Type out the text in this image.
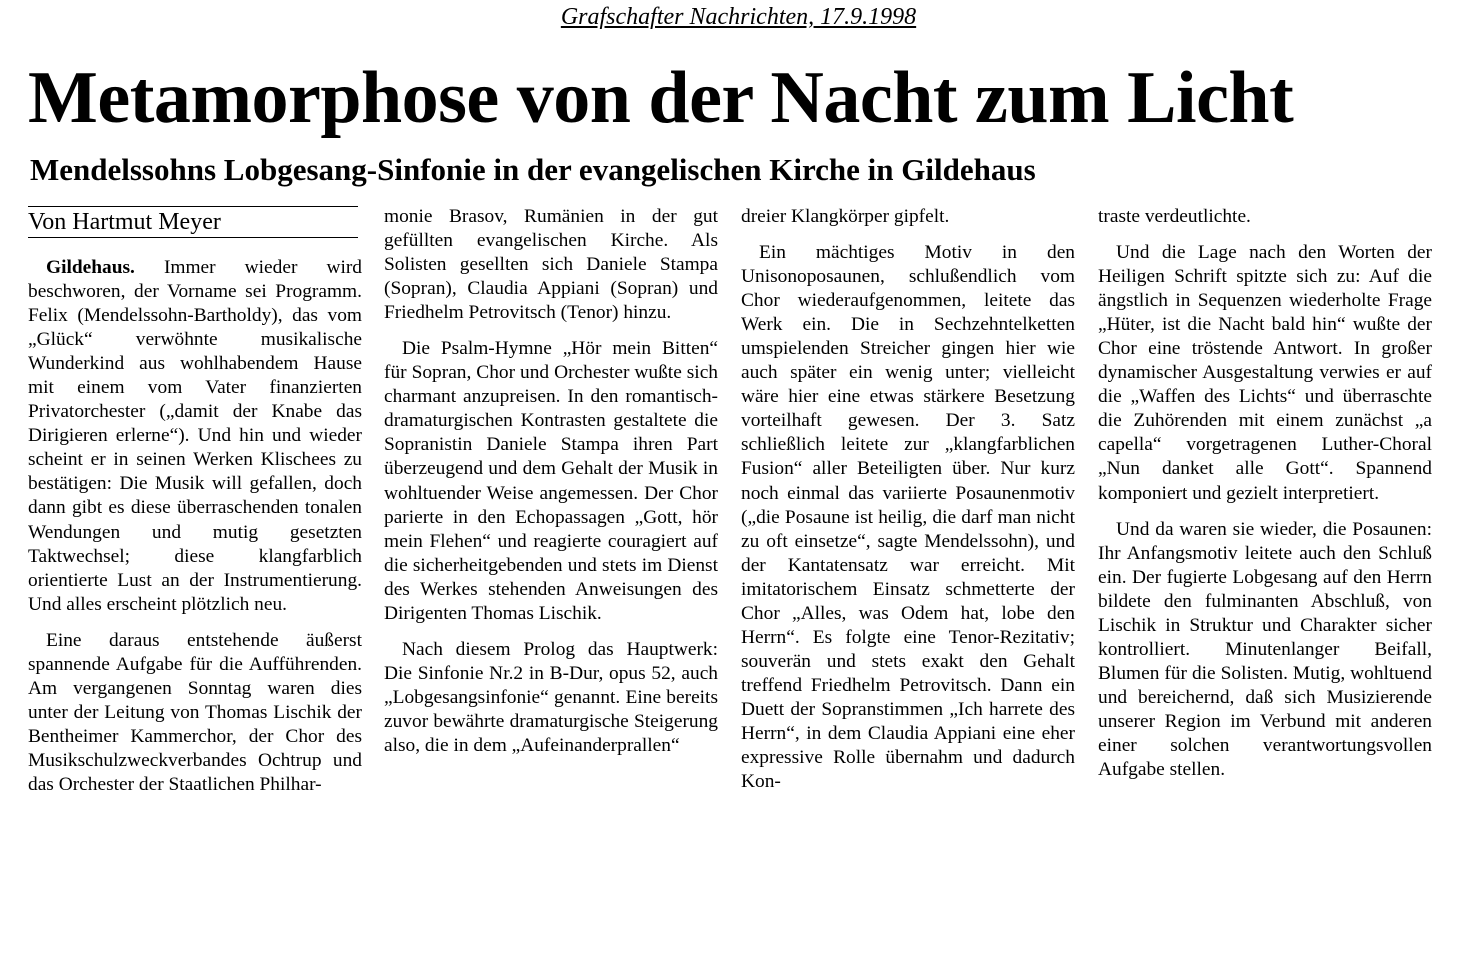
Grafschafter Nachrichten, 17.9.1998
Metamorphose von der Nacht zum Licht
Mendelssohns Lobgesang-Sinfonie in der evangelischen Kirche in Gildehaus
Von Hartmut Meyer

Gildehaus. Immer wieder wird beschworen, der Vorname sei Programm. Felix (Mendelssohn-Bartholdy), das vom „Glück“ verwöhnte musikalische Wunderkind aus wohlhabendem Hause mit einem vom Vater finanzierten Privatorchester („damit der Knabe das Dirigieren erlerne“). Und hin und wieder scheint er in seinen Werken Klischees zu bestätigen: Die Musik will gefallen, doch dann gibt es diese überraschenden tonalen Wendungen und mutig gesetzten Taktwechsel; diese klangfarblich orientierte Lust an der Instrumentierung. Und alles erscheint plötzlich neu.

Eine daraus entstehende äußerst spannende Aufgabe für die Aufführenden. Am vergangenen Sonntag waren dies unter der Leitung von Thomas Lischik der Bentheimer Kammerchor, der Chor des Musikschulzweckverbandes Ochtrup und das Orchester der Staatlichen Philhar-

monie Brasov, Rumänien in der gut gefüllten evangelischen Kirche. Als Solisten gesellten sich Daniele Stampa (Sopran), Claudia Appiani (Sopran) und Friedhelm Petrovitsch (Tenor) hinzu.

Die Psalm-Hymne „Hör mein Bitten“ für Sopran, Chor und Orchester wußte sich charmant anzupreisen. In den romantisch-dramaturgischen Kontrasten gestaltete die Sopranistin Daniele Stampa ihren Part überzeugend und dem Gehalt der Musik in wohltuender Weise angemessen. Der Chor parierte in den Echopassagen „Gott, hör mein Flehen“ und reagierte couragiert auf die sicherheitgebenden und stets im Dienst des Werkes stehenden Anweisungen des Dirigenten Thomas Lischik.

Nach diesem Prolog das Hauptwerk: Die Sinfonie Nr.2 in B-Dur, opus 52, auch „Lobgesangsinfonie“ genannt. Eine bereits zuvor bewährte dramaturgische Steigerung also, die in dem „Aufeinanderprallen“

dreier Klangkörper gipfelt.

Ein mächtiges Motiv in den Unisonoposaunen, schlußendlich vom Chor wiederaufgenommen, leitete das Werk ein. Die in Sechzehntelketten umspielenden Streicher gingen hier wie auch später ein wenig unter; vielleicht wäre hier eine etwas stärkere Besetzung vorteilhaft gewesen. Der 3. Satz schließlich leitete zur „klangfarblichen Fusion“ aller Beteiligten über. Nur kurz noch einmal das variierte Posaunenmotiv („die Posaune ist heilig, die darf man nicht zu oft einsetze“, sagte Mendelssohn), und der Kantatensatz war erreicht. Mit imitatorischem Einsatz schmetterte der Chor „Alles, was Odem hat, lobe den Herrn“. Es folgte eine Tenor-Rezitativ; souverän und stets exakt den Gehalt treffend Friedhelm Petrovitsch. Dann ein Duett der Sopranstimmen „Ich harrete des Herrn“, in dem Claudia Appiani eine eher expressive Rolle übernahm und dadurch Kon-

traste verdeutlichte.

Und die Lage nach den Worten der Heiligen Schrift spitzte sich zu: Auf die ängstlich in Sequenzen wiederholte Frage „Hüter, ist die Nacht bald hin“ wußte der Chor eine tröstende Antwort. In großer dynamischer Ausgestaltung verwies er auf die „Waffen des Lichts“ und überraschte die Zuhörenden mit einem zunächst „a capella“ vorgetragenen Luther-Choral „Nun danket alle Gott“. Spannend komponiert und gezielt interpretiert.

Und da waren sie wieder, die Posaunen: Ihr Anfangsmotiv leitete auch den Schluß ein. Der fugierte Lobgesang auf den Herrn bildete den fulminanten Abschluß, von Lischik in Struktur und Charakter sicher kontrolliert. Minutenlanger Beifall, Blumen für die Solisten. Mutig, wohltuend und bereichernd, daß sich Musizierende unserer Region im Verbund mit anderen einer solchen verantwortungsvollen Aufgabe stellen.
